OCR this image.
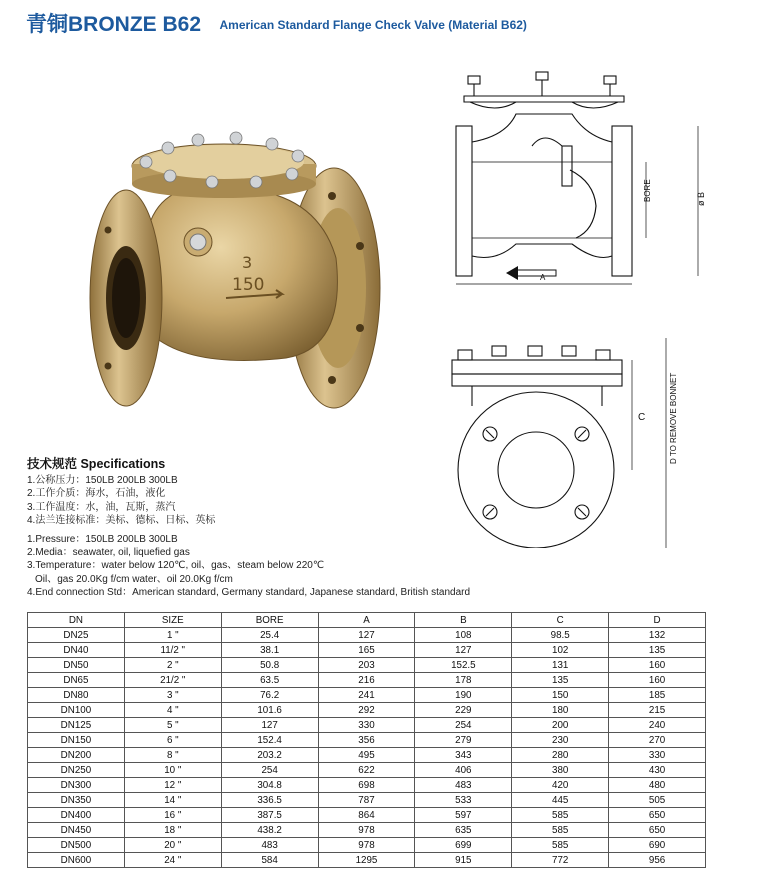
青铜BRONZE B62 American Standard Flange Check Valve (Material B62)
3
150
BORE	ø B
A
C	D TO REMOVE BONNET
技术规范 Specifications
1.公称压力：150LB 200LB 300LB
2.工作介质：海水，石油，液化
3.工作温度：水，油，瓦斯，蒸汽
4.法兰连接标准：美标、德标、日标、英标
1.Pressure：150LB 200LB 300LB
2.Media：seawater, oil, liquefied gas
3.Temperature：water below 120℃, oil、gas、steam below 220℃
Oil、gas 20.0Kg f/cm water、oil 20.0Kg f/cm
4.End connection Std：American standard, Germany standard, Japanese standard, British standard
DN	SIZE	BORE	A	B	C	D
DN25	1 "	25.4	127	108	98.5	132
DN40	11/2 "	38.1	165	127	102	135
DN50	2 "	50.8	203	152.5	131	160
DN65	21/2 "	63.5	216	178	135	160
DN80	3 "	76.2	241	190	150	185
DN100	4 "	101.6	292	229	180	215
DN125	5 "	127	330	254	200	240
DN150	6 "	152.4	356	279	230	270
DN200	8 "	203.2	495	343	280	330
DN250	10 "	254	622	406	380	430
DN300	12 "	304.8	698	483	420	480
DN350	14 "	336.5	787	533	445	505
DN400	16 "	387.5	864	597	585	650
DN450	18 "	438.2	978	635	585	650
DN500	20 "	483	978	699	585	690
DN600	24 "	584	1295	915	772	956
